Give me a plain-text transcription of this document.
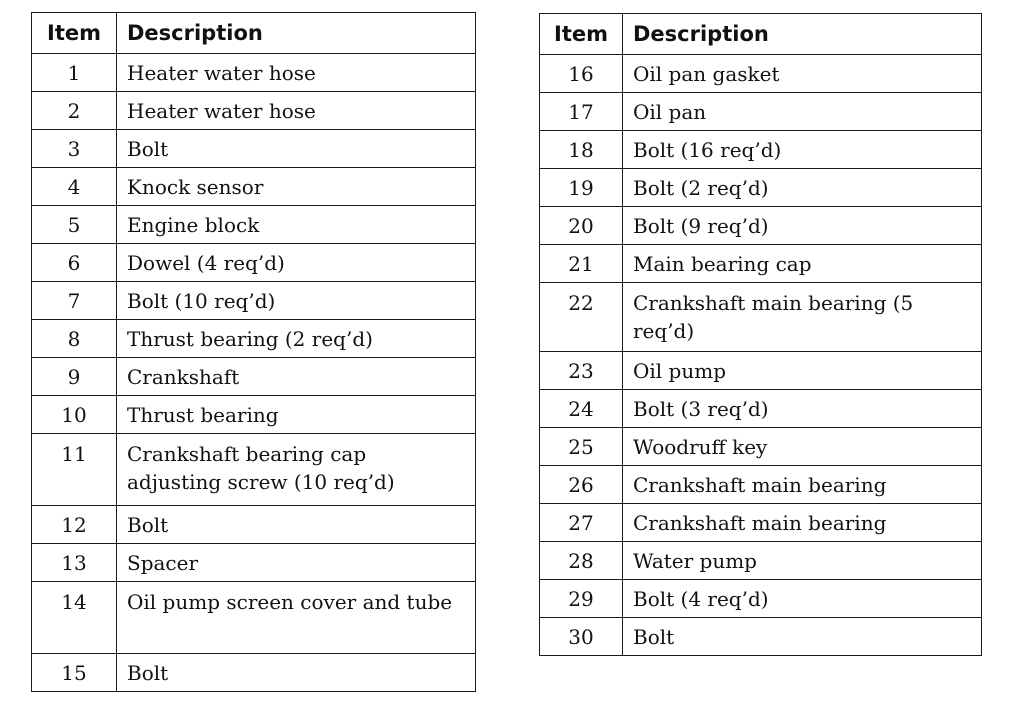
Item	Description
1	Heater water hose
2	Heater water hose
3	Bolt
4	Knock sensor
5	Engine block
6	Dowel (4 req’d)
7	Bolt (10 req’d)
8	Thrust bearing (2 req’d)
9	Crankshaft
10	Thrust bearing
11	Crankshaft bearing cap adjusting screw (10 req’d)
12	Bolt
13	Spacer
14	Oil pump screen cover and tube
15	Bolt
Item	Description
16	Oil pan gasket
17	Oil pan
18	Bolt (16 req’d)
19	Bolt (2 req’d)
20	Bolt (9 req’d)
21	Main bearing cap
22	Crankshaft main bearing (5 req’d)
23	Oil pump
24	Bolt (3 req’d)
25	Woodruff key
26	Crankshaft main bearing
27	Crankshaft main bearing
28	Water pump
29	Bolt (4 req’d)
30	Bolt
